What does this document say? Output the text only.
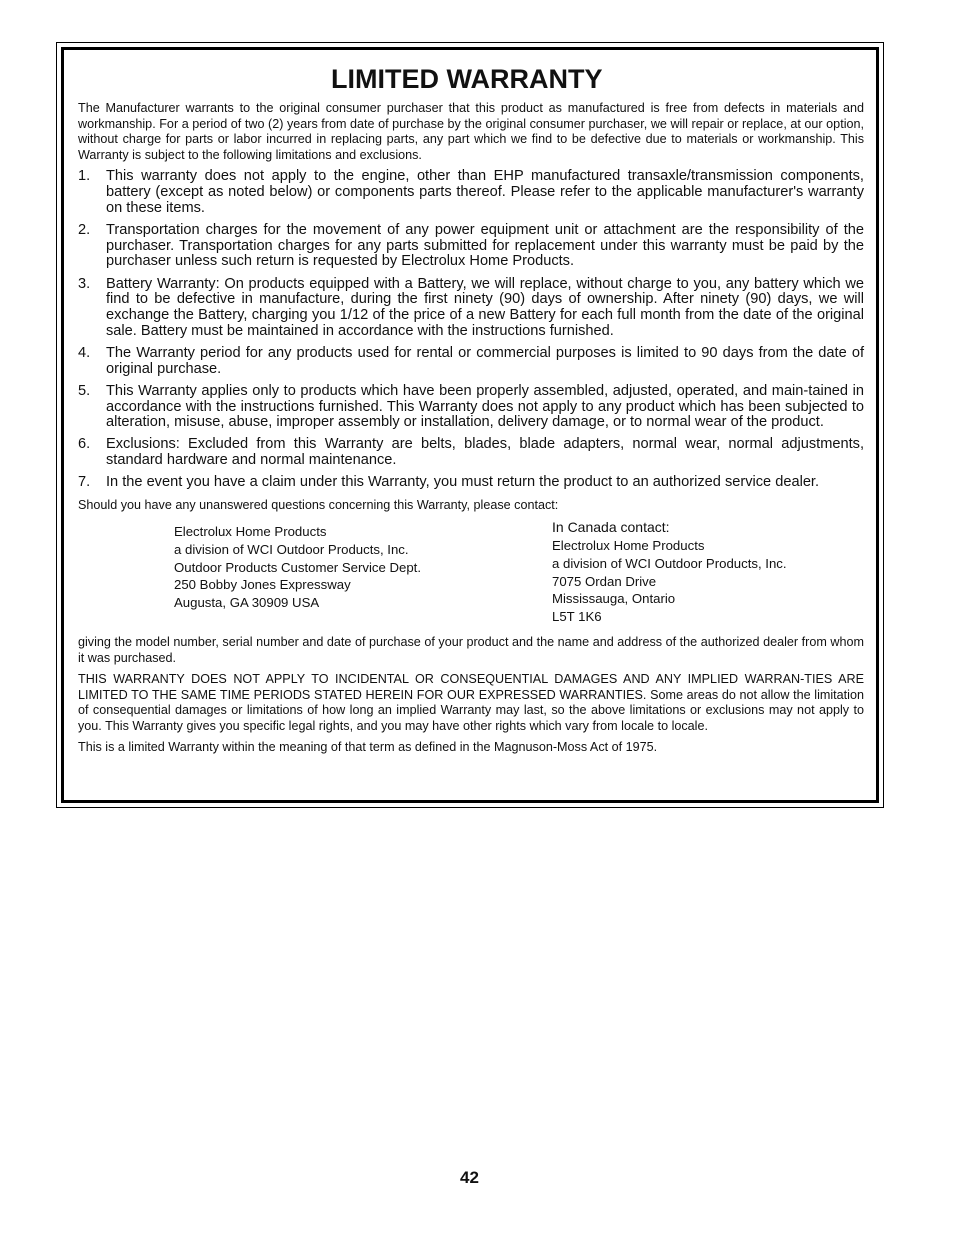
LIMITED WARRANTY

The Manufacturer warrants to the original consumer purchaser that this product as manufactured is free from defects in materials and workmanship. For a period of two (2) years from date of purchase by the original consumer purchaser, we will repair or replace, at our option, without charge for parts or labor incurred in replacing parts, any part which we find to be defective due to materials or workmanship. This Warranty is subject to the following limitations and exclusions.

1. This warranty does not apply to the engine, other than EHP manufactured transaxle/transmission components, battery (except as noted below) or components parts thereof. Please refer to the applicable manufacturer's warranty on these items.
2. Transportation charges for the movement of any power equipment unit or attachment are the responsibility of the purchaser. Transportation charges for any parts submitted for replacement under this warranty must be paid by the purchaser unless such return is requested by Electrolux Home Products.
3. Battery Warranty: On products equipped with a Battery, we will replace, without charge to you, any battery which we find to be defective in manufacture, during the first ninety (90) days of ownership. After ninety (90) days, we will exchange the Battery, charging you 1/12 of the price of a new Battery for each full month from the date of the original sale. Battery must be maintained in accordance with the instructions furnished.
4. The Warranty period for any products used for rental or commercial purposes is limited to 90 days from the date of original purchase.
5. This Warranty applies only to products which have been properly assembled, adjusted, operated, and main-tained in accordance with the instructions furnished. This Warranty does not apply to any product which has been subjected to alteration, misuse, abuse, improper assembly or installation, delivery damage, or to normal wear of the product.
6. Exclusions: Excluded from this Warranty are belts, blades, blade adapters, normal wear, normal adjustments, standard hardware and normal maintenance.
7. In the event you have a claim under this Warranty, you must return the product to an authorized service dealer.

Should you have any unanswered questions concerning this Warranty, please contact:

Electrolux Home Products
a division of WCI Outdoor Products, Inc.
Outdoor Products Customer Service Dept.
250 Bobby Jones Expressway
Augusta, GA 30909 USA
In Canada contact:
Electrolux Home Products
a division of WCI Outdoor Products, Inc.
7075 Ordan Drive
Mississauga, Ontario
L5T 1K6

giving the model number, serial number and date of purchase of your product and the name and address of the authorized dealer from whom it was purchased.

THIS WARRANTY DOES NOT APPLY TO INCIDENTAL OR CONSEQUENTIAL DAMAGES AND ANY IMPLIED WARRAN-TIES ARE LIMITED TO THE SAME TIME PERIODS STATED HEREIN FOR OUR EXPRESSED WARRANTIES. Some areas do not allow the limitation of consequential damages or limitations of how long an implied Warranty may last, so the above limitations or exclusions may not apply to you. This Warranty gives you specific legal rights, and you may have other rights which vary from locale to locale.

This is a limited Warranty within the meaning of that term as defined in the Magnuson-Moss Act of 1975.

42
